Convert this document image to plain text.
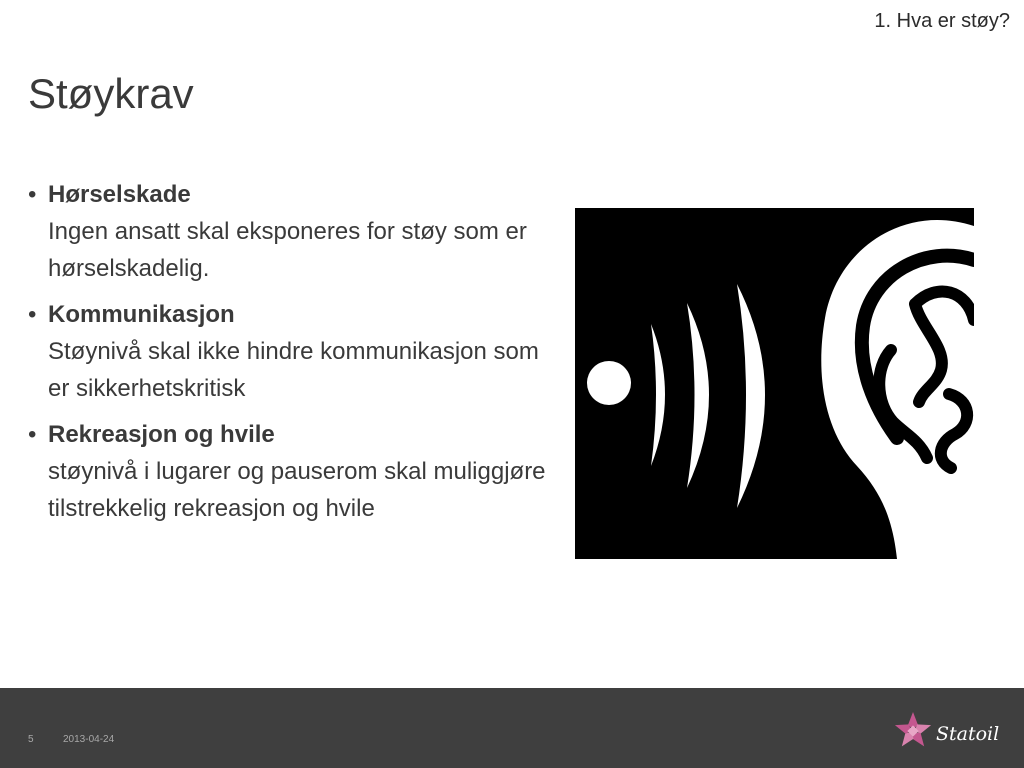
1. Hva er støy?
Støykrav
• Hørselskade
Ingen ansatt skal eksponeres for støy som er hørselskadelig.
• Kommunikasjon
Støynivå skal ikke hindre kommunikasjon som er sikkerhetskritisk
• Rekreasjon og hvile
støynivå i lugarer og pauserom skal muliggjøre tilstrekkelig rekreasjon og hvile
5	2013-04-24	Statoil
